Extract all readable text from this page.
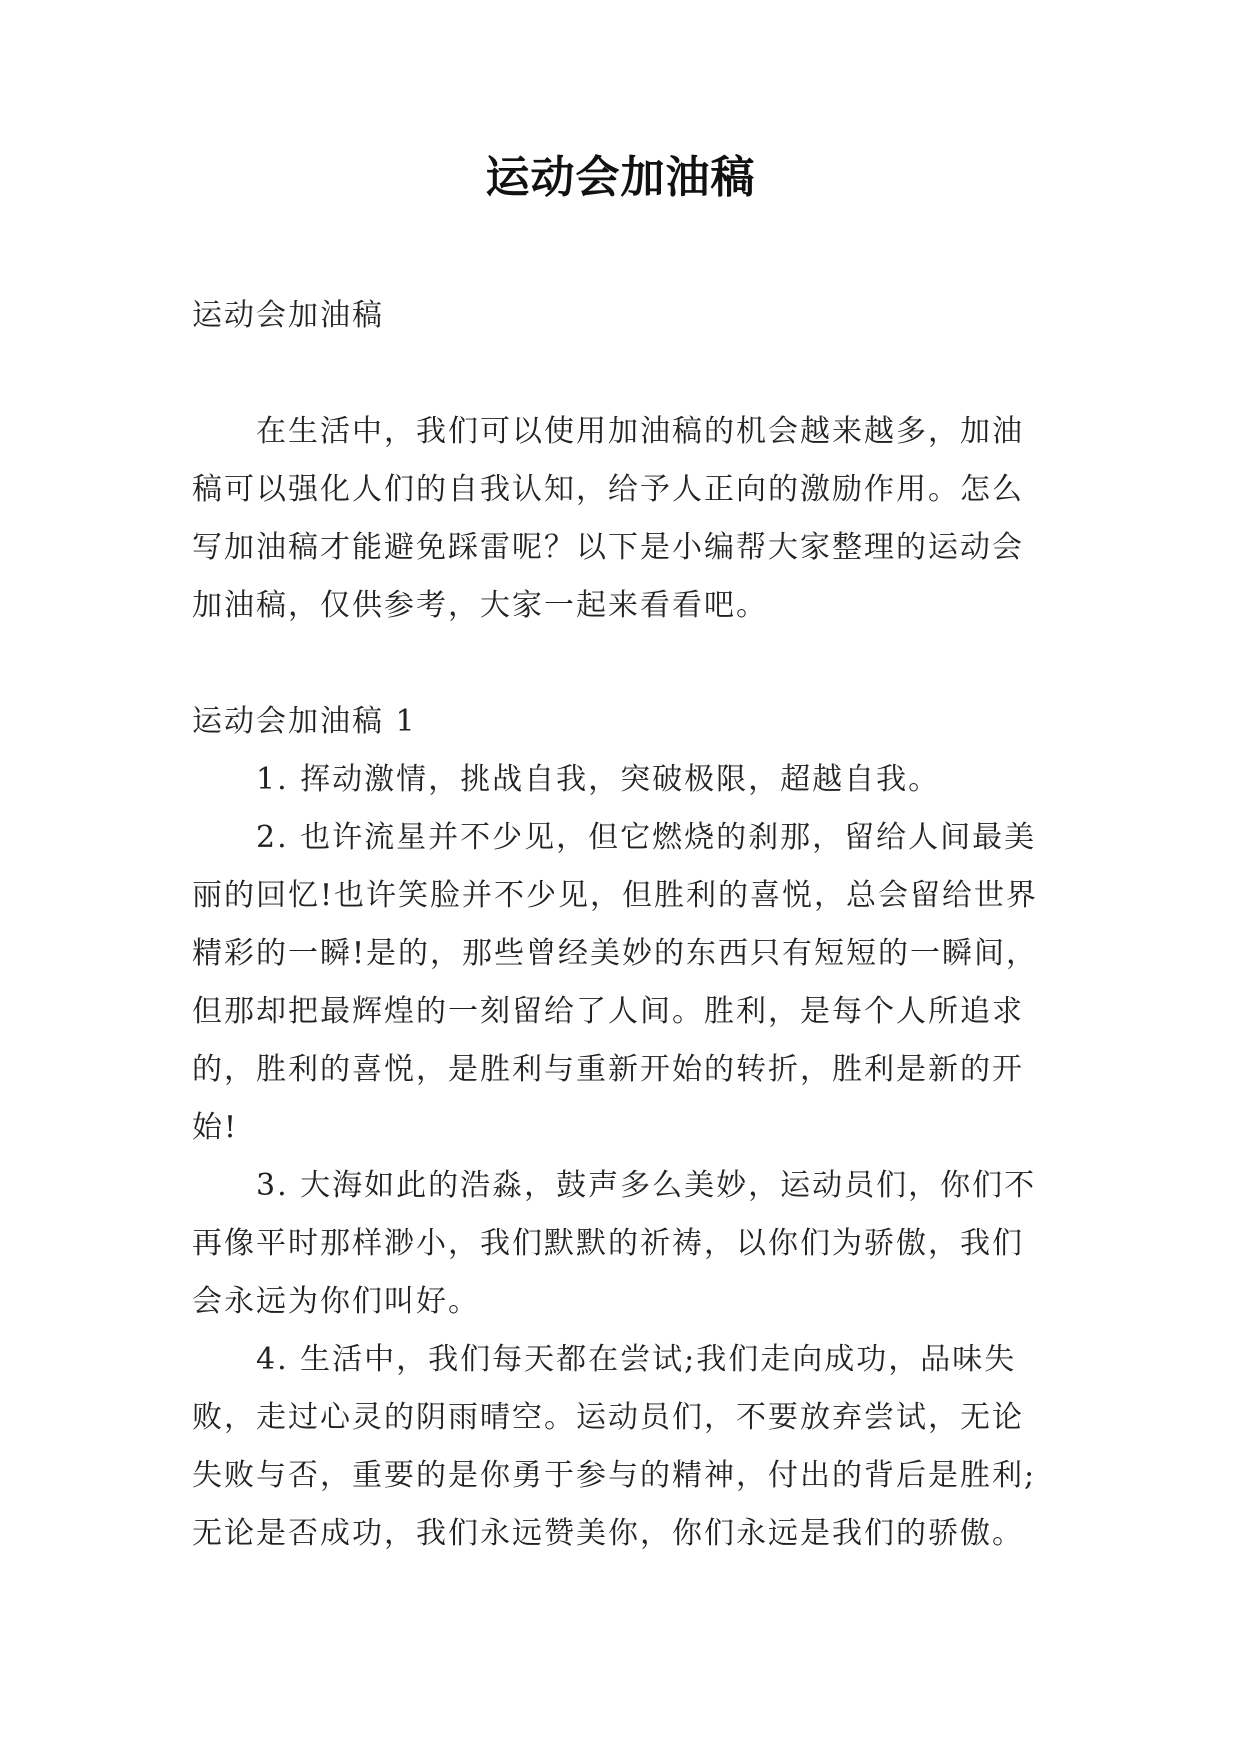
运动会加油稿

运动会加油稿

在生活中，我们可以使用加油稿的机会越来越多，加油稿可以强化人们的自我认知，给予人正向的激励作用。怎么写加油稿才能避免踩雷呢？以下是小编帮大家整理的运动会加油稿，仅供参考，大家一起来看看吧。

运动会加油稿 1

1. 挥动激情，挑战自我，突破极限，超越自我。

2. 也许流星并不少见，但它燃烧的刹那，留给人间最美丽的回忆!也许笑脸并不少见，但胜利的喜悦，总会留给世界精彩的一瞬!是的，那些曾经美妙的东西只有短短的一瞬间，但那却把最辉煌的一刻留给了人间。胜利，是每个人所追求的，胜利的喜悦，是胜利与重新开始的转折，胜利是新的开始!

3. 大海如此的浩淼，鼓声多么美妙，运动员们，你们不再像平时那样渺小，我们默默的祈祷，以你们为骄傲，我们会永远为你们叫好。

4. 生活中，我们每天都在尝试;我们走向成功，品味失败，走过心灵的阴雨晴空。运动员们，不要放弃尝试，无论失败与否，重要的是你勇于参与的精神，付出的背后是胜利;无论是否成功，我们永远赞美你，你们永远是我们的骄傲。
